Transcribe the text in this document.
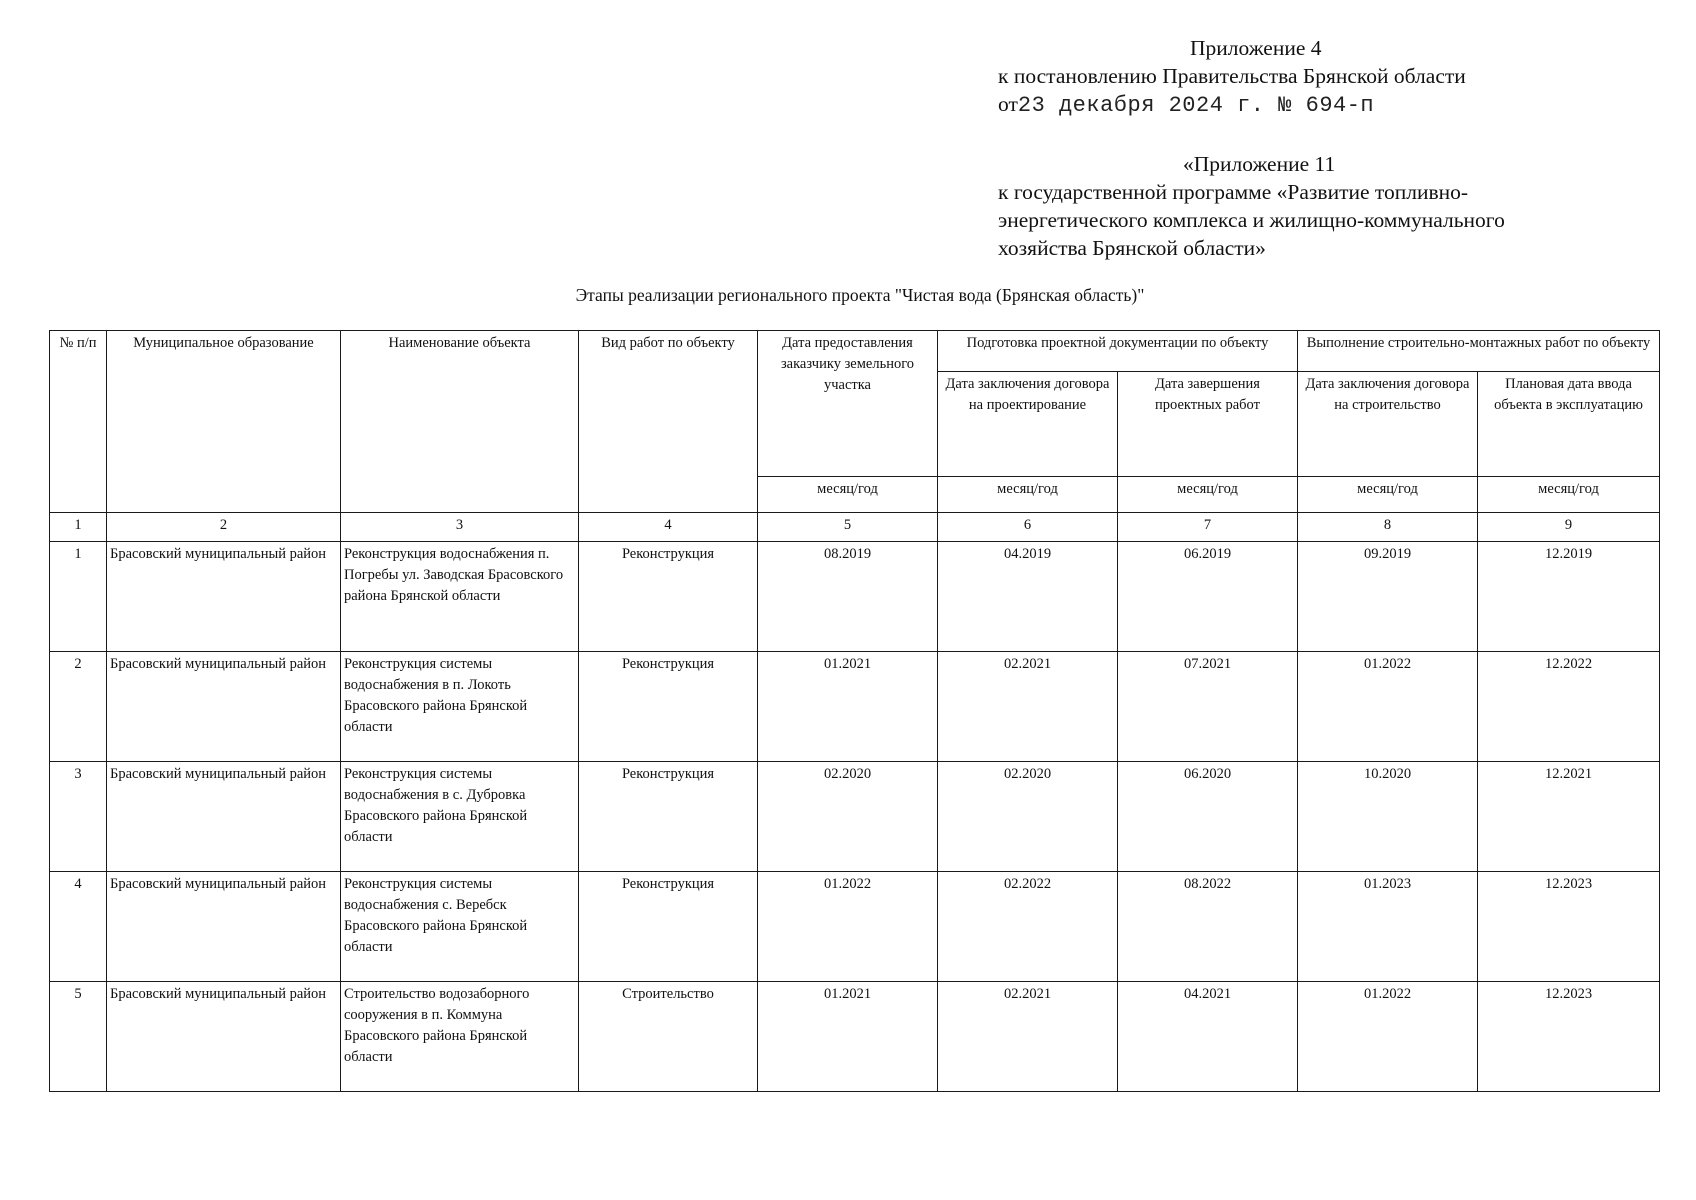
Приложение 4
к постановлению Правительства Брянской области
от23 декабря 2024 г. № 694-п
«Приложение 11
к государственной программе «Развитие топливно-
энергетического комплекса и жилищно-коммунального
хозяйства Брянской области»
Этапы реализации регионального проекта "Чистая вода (Брянская область)"
№ п/п	Муниципальное образование	Наименование объекта	Вид работ по объекту	Дата предоставления заказчику земельного участка	Подготовка проектной документации по объекту		Выполнение строительно-монтажных работ по объекту	
					Дата заключения договора на проектирование	Дата завершения проектных работ	Дата заключения договора на строительство	Плановая дата ввода объекта в эксплуатацию
				месяц/год	месяц/год	месяц/год	месяц/год	месяц/год
1	2	3	4	5	6	7	8	9
1	Брасовский муниципальный район	Реконструкция водоснабжения п. Погребы ул. Заводская Брасовского района Брянской области	Реконструкция	08.2019	04.2019	06.2019	09.2019	12.2019
2	Брасовский муниципальный район	Реконструкция системы водоснабжения в п. Локоть Брасовского района Брянской области	Реконструкция	01.2021	02.2021	07.2021	01.2022	12.2022
3	Брасовский муниципальный район	Реконструкция системы водоснабжения в с. Дубровка Брасовского района Брянской области	Реконструкция	02.2020	02.2020	06.2020	10.2020	12.2021
4	Брасовский муниципальный район	Реконструкция системы водоснабжения с. Веребск Брасовского района Брянской области	Реконструкция	01.2022	02.2022	08.2022	01.2023	12.2023
5	Брасовский муниципальный район	Строительство водозаборного сооружения в п. Коммуна Брасовского района Брянской области	Строительство	01.2021	02.2021	04.2021	01.2022	12.2023
